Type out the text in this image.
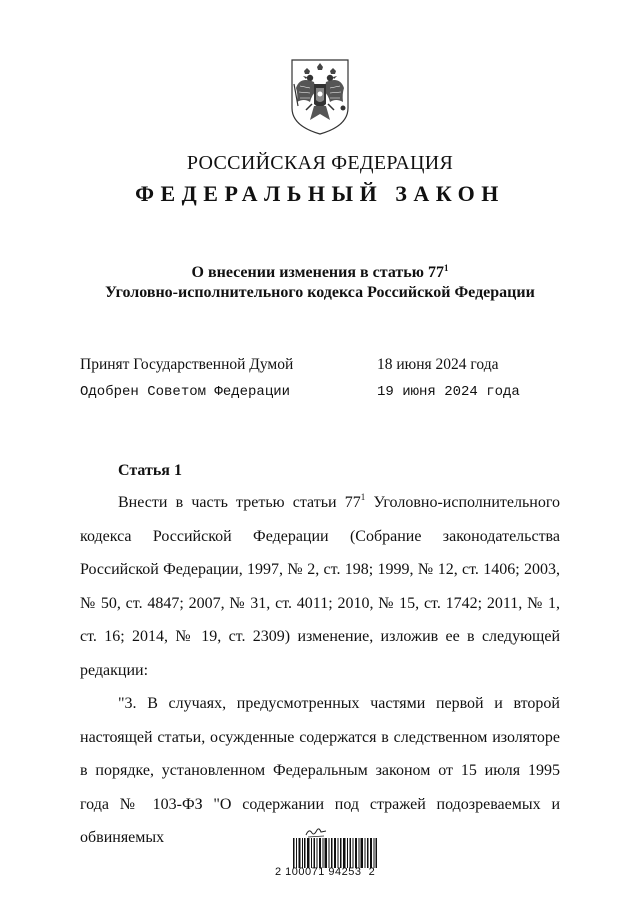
РОССИЙСКАЯ ФЕДЕРАЦИЯ
ФЕДЕРАЛЬНЫЙ ЗАКОН
О внесении изменения в статью $77^1$
Уголовно-исполнительного кодекса Российской Федерации
Принят Государственной Думой	18 июня 2024 года
Одобрен Советом Федерации	19 июня 2024 года
Статья 1

Внести в часть третью статьи $77^1$ Уголовно-исполнительного кодекса Российской Федерации (Собрание законодательства Российской Федерации, 1997, № 2, ст. 198; 1999, № 12, ст. 1406; 2003, № 50, ст. 4847; 2007, № 31, ст. 4011; 2010, № 15, ст. 1742; 2011, № 1, ст. 16; 2014, № 19, ст. 2309) изменение, изложив ее в следующей редакции:

"3. В случаях, предусмотренных частями первой и второй настоящей статьи, осужденные содержатся в следственном изоляторе в порядке, установленном Федеральным законом от 15 июля 1995 года № 103-ФЗ "О содержании под стражей подозреваемых и обвиняемых

2 100071 94253  2
